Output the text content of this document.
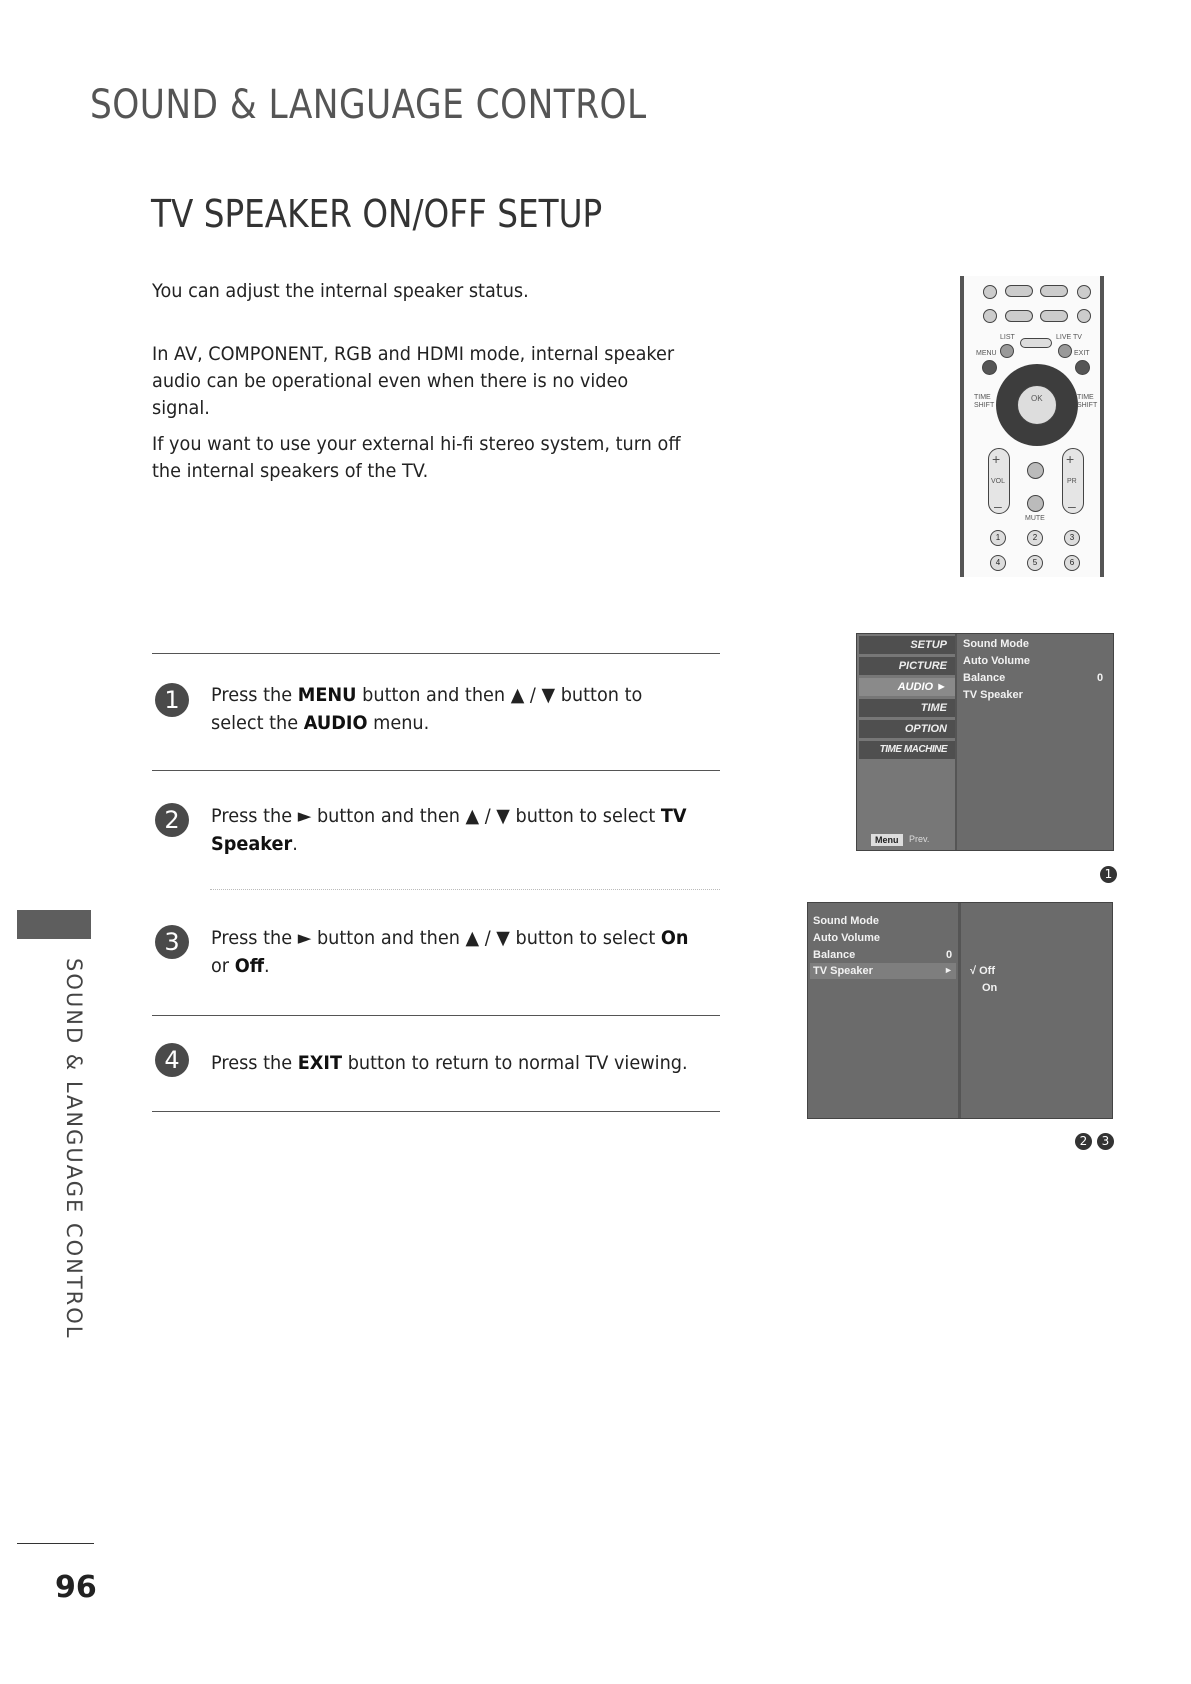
SOUND & LANGUAGE CONTROL
TV SPEAKER ON/OFF SETUP
You can adjust the internal speaker status.
In AV, COMPONENT, RGB and HDMI mode, internal speaker audio can be operational even when there is no video signal.
If you want to use your external hi-fi stereo system, turn off the internal speakers of the TV.
LIST	LIVE TV
MENU	EXIT
OK
TIME SHIFT
TIME SHIFT
+
VOL
–
+
PR
–
MUTE
1	2	3
4	5	6
1	Press the MENU button and then ▲ / ▼ button to select the AUDIO menu.
2	Press the ► button and then ▲ / ▼ button to select TV Speaker.
3	Press the ► button and then ▲ / ▼ button to select On or Off.
4	Press the EXIT button to return to normal TV viewing.
SETUP
PICTURE
AUDIO ►
TIME
OPTION
TIME MACHINE
Menu	Prev.
Sound Mode
Auto Volume
Balance	0
TV Speaker
1
Sound Mode
Auto Volume
Balance	0
TV Speaker	► √ Off
On
2	3
SOUND & LANGUAGE CONTROL
96
